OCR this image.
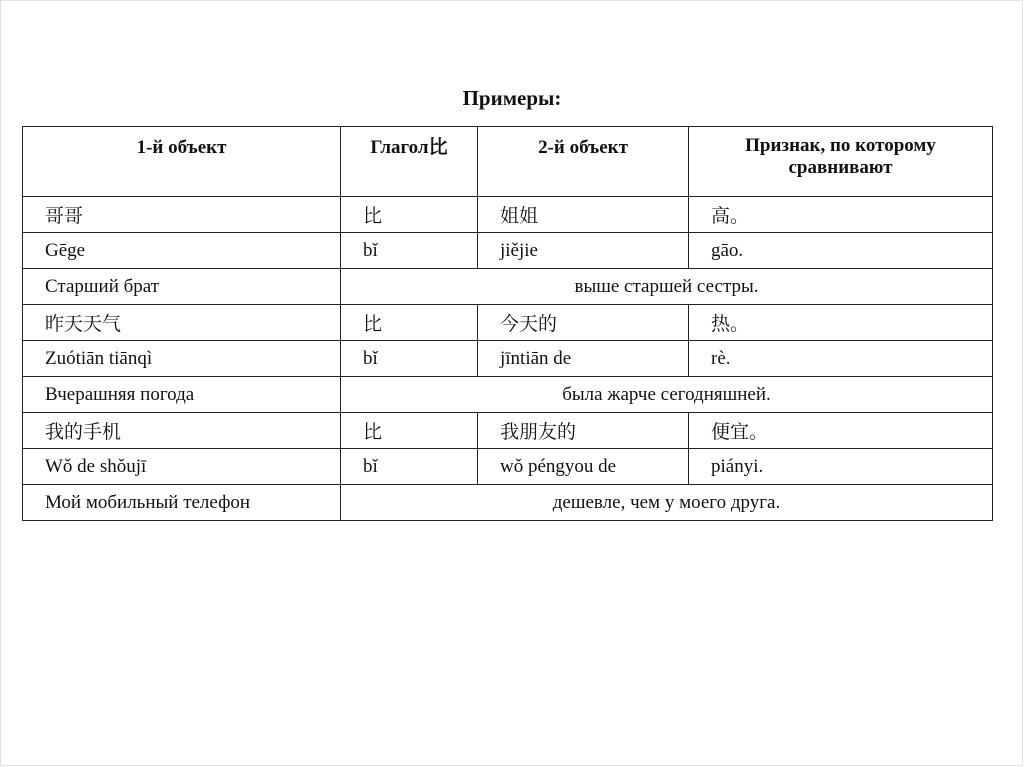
Примеры:
1-й объект	Глагол比	2-й объект	Признак, по которому сравнивают
哥哥	比	姐姐	高。
Gēge	bǐ	jiějie	gāo.
Старший брат	выше старшей сестры.		
昨天天气	比	今天的	热。
Zuótiān tiānqì	bǐ	jīntiān de	rè.
Вчерашняя погода	была жарче сегодняшней.		
我的手机	比	我朋友的	便宜。
Wǒ de shǒujī	bǐ	wǒ péngyou de	piányi.
Мой мобильный телефон	дешевле, чем у моего друга.		
